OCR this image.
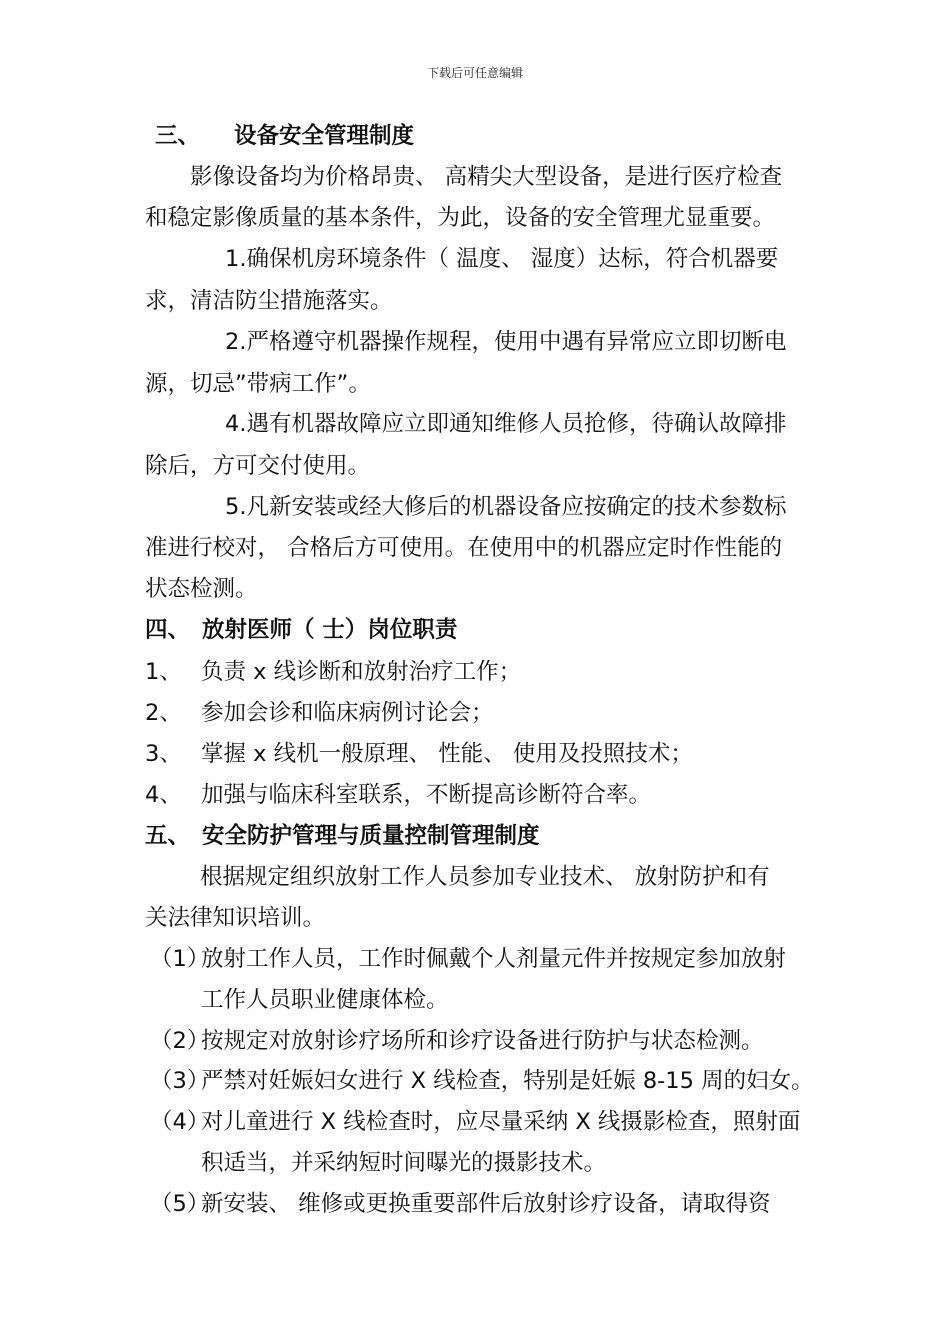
下载后可任意编辑
三、 设备安全管理制度
影像设备均为价格昂贵、 高精尖大型设备，是进行医疗检查
和稳定影像质量的基本条件，为此，设备的安全管理尤显重要。
1.确保机房环境条件（ 温度、 湿度）达标，符合机器要
求，清洁防尘措施落实。
2.严格遵守机器操作规程，使用中遇有异常应立即切断电
源，切忌”带病工作”。
4.遇有机器故障应立即通知维修人员抢修，待确认故障排
除后，方可交付使用。
5.凡新安装或经大修后的机器设备应按确定的技术参数标
准进行校对， 合格后方可使用。在使用中的机器应定时作性能的
状态检测。
四、 放射医师（ 士）岗位职责
1、 负责 x 线诊断和放射治疗工作；
2、 参加会诊和临床病例讨论会；
3、 掌握 x 线机一般原理、 性能、 使用及投照技术；
4、 加强与临床科室联系，不断提高诊断符合率。
五、 安全防护管理与质量控制管理制度
根据规定组织放射工作人员参加专业技术、 放射防护和有
关法律知识培训。
（1）放射工作人员，工作时佩戴个人剂量元件并按规定参加放射
工作人员职业健康体检。
（2）按规定对放射诊疗场所和诊疗设备进行防护与状态检测。
（3）严禁对妊娠妇女进行 X 线检查，特别是妊娠 8-15 周的妇女。
（4）对儿童进行 X 线检查时，应尽量采纳 X 线摄影检查，照射面
积适当，并采纳短时间曝光的摄影技术。
（5）新安装、 维修或更换重要部件后放射诊疗设备，请取得资
